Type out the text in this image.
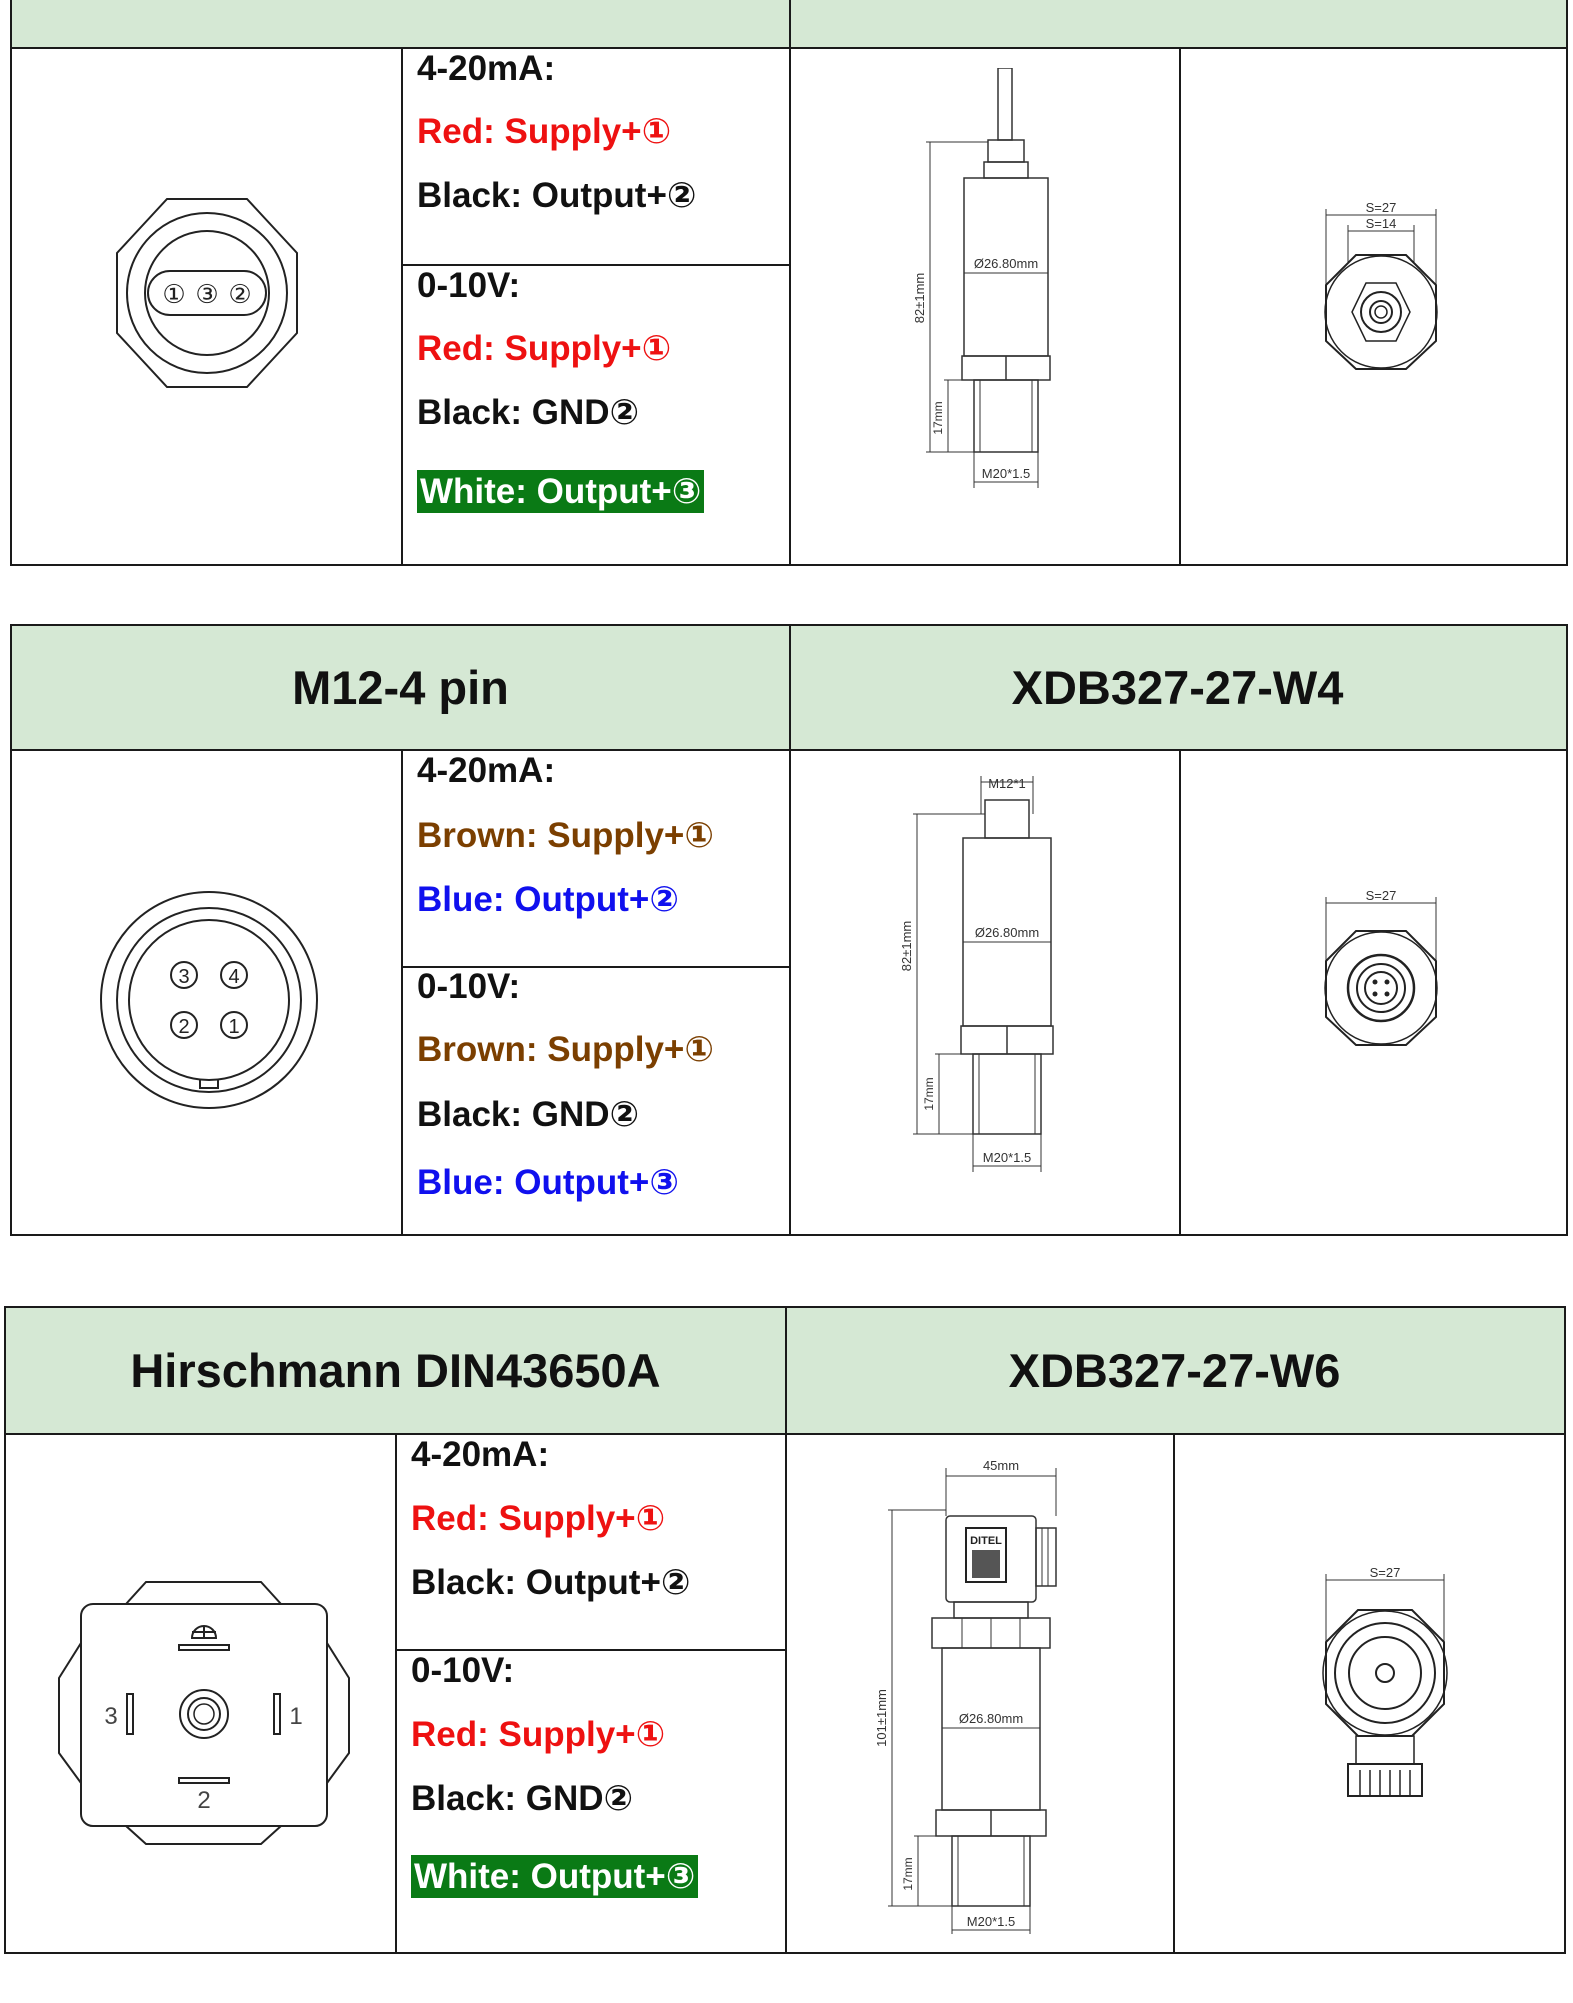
① ③ ②
4-20mA:
Red: Supply+①
Black: Output+②
0-10V:
Red: Supply+①
Black: GND②
White: Output+③
Ø26.80mm
82±1mm
17mm
M20*1.5
S=27
S=14
M12-4 pin	XDB327-27-W4
3 4
2 1
4-20mA:
Brown: Supply+①
Blue: Output+②
0-10V:
Brown: Supply+①
Black: GND②
Blue: Output+③
M12*1
Ø26.80mm
82±1mm
17mm
M20*1.5
S=27
Hirschmann DIN43650A	XDB327-27-W6
3	1
2
4-20mA:
Red: Supply+①
Black: Output+②
0-10V:
Red: Supply+①
Black: GND②
White: Output+③
45mm
DITEL
Ø26.80mm
101±1mm
17mm
M20*1.5
S=27
